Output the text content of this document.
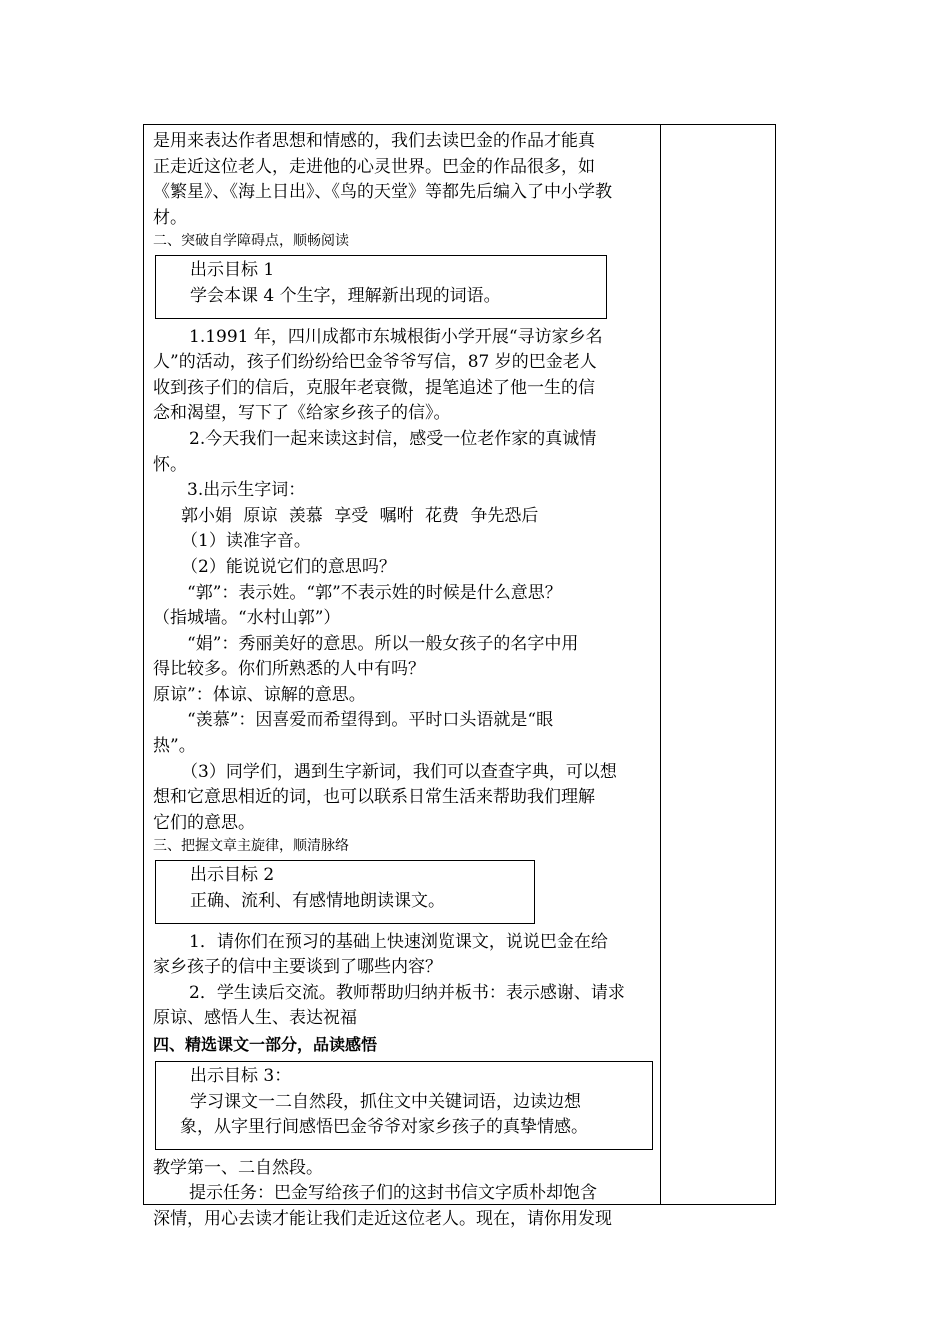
是用来表达作者思想和情感的，我们去读巴金的作品才能真

正走近这位老人，走进他的心灵世界。巴金的作品很多，如

《繁星》、《海上日出》、《鸟的天堂》等都先后编入了中小学教

材。

二、突破自学障碍点，顺畅阅读

出示目标 1

学会本课 4 个生字，理解新出现的词语。

1.1991 年，四川成都市东城根街小学开展“寻访家乡名

人”的活动，孩子们纷纷给巴金爷爷写信，87 岁的巴金老人

收到孩子们的信后，克服年老衰微，提笔追述了他一生的信

念和渴望，写下了《给家乡孩子的信》。

2.今天我们一起来读这封信，感受一位老作家的真诚情

怀。

3.出示生字词：

郭小娟 原谅 羡慕 享受 嘱咐 花费 争先恐后

（1）读准字音。

（2）能说说它们的意思吗？

“郭”：表示姓。“郭”不表示姓的时候是什么意思？

（指城墙。“水村山郭”）

“娟”：秀丽美好的意思。所以一般女孩子的名字中用

得比较多。你们所熟悉的人中有吗？

原谅”：体谅、谅解的意思。

“羡慕”：因喜爱而希望得到。平时口头语就是“眼

热”。

（3）同学们，遇到生字新词，我们可以查查字典，可以想

想和它意思相近的词，也可以联系日常生活来帮助我们理解

它们的意思。

三、把握文章主旋律，顺清脉络

出示目标 2

正确、流利、有感情地朗读课文。

1．请你们在预习的基础上快速浏览课文，说说巴金在给

家乡孩子的信中主要谈到了哪些内容？

2．学生读后交流。教师帮助归纳并板书：表示感谢、请求

原谅、感悟人生、表达祝福

四、精选课文一部分，品读感悟

出示目标 3：

学习课文一二自然段，抓住文中关键词语，边读边想

象，从字里行间感悟巴金爷爷对家乡孩子的真挚情感。

教学第一、二自然段。

提示任务：巴金写给孩子们的这封书信文字质朴却饱含

深情，用心去读才能让我们走近这位老人。现在，请你用发现
